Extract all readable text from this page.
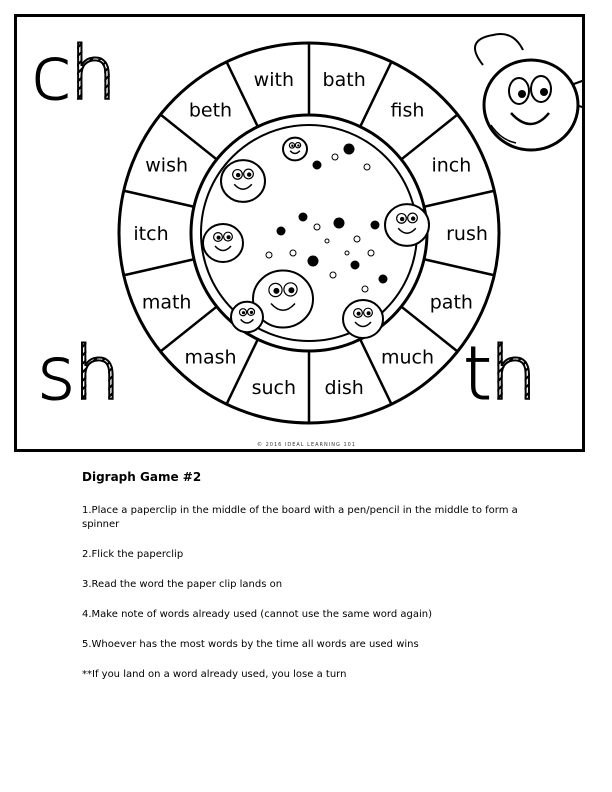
bath
fish
inch
rush
path
much
dish
such
mash
math
itch
wish
beth
with
ch
sh	th
© 2016 IDEAL LEARNING 101
Digraph Game #2

1.Place a paperclip in the middle of the board with a pen/pencil in the middle to form a spinner

2.Flick the paperclip

3.Read the word the paper clip lands on

4.Make note of words already used (cannot use the same word again)

5.Whoever has the most words by the time all words are used wins

**If you land on a word already used, you lose a turn
